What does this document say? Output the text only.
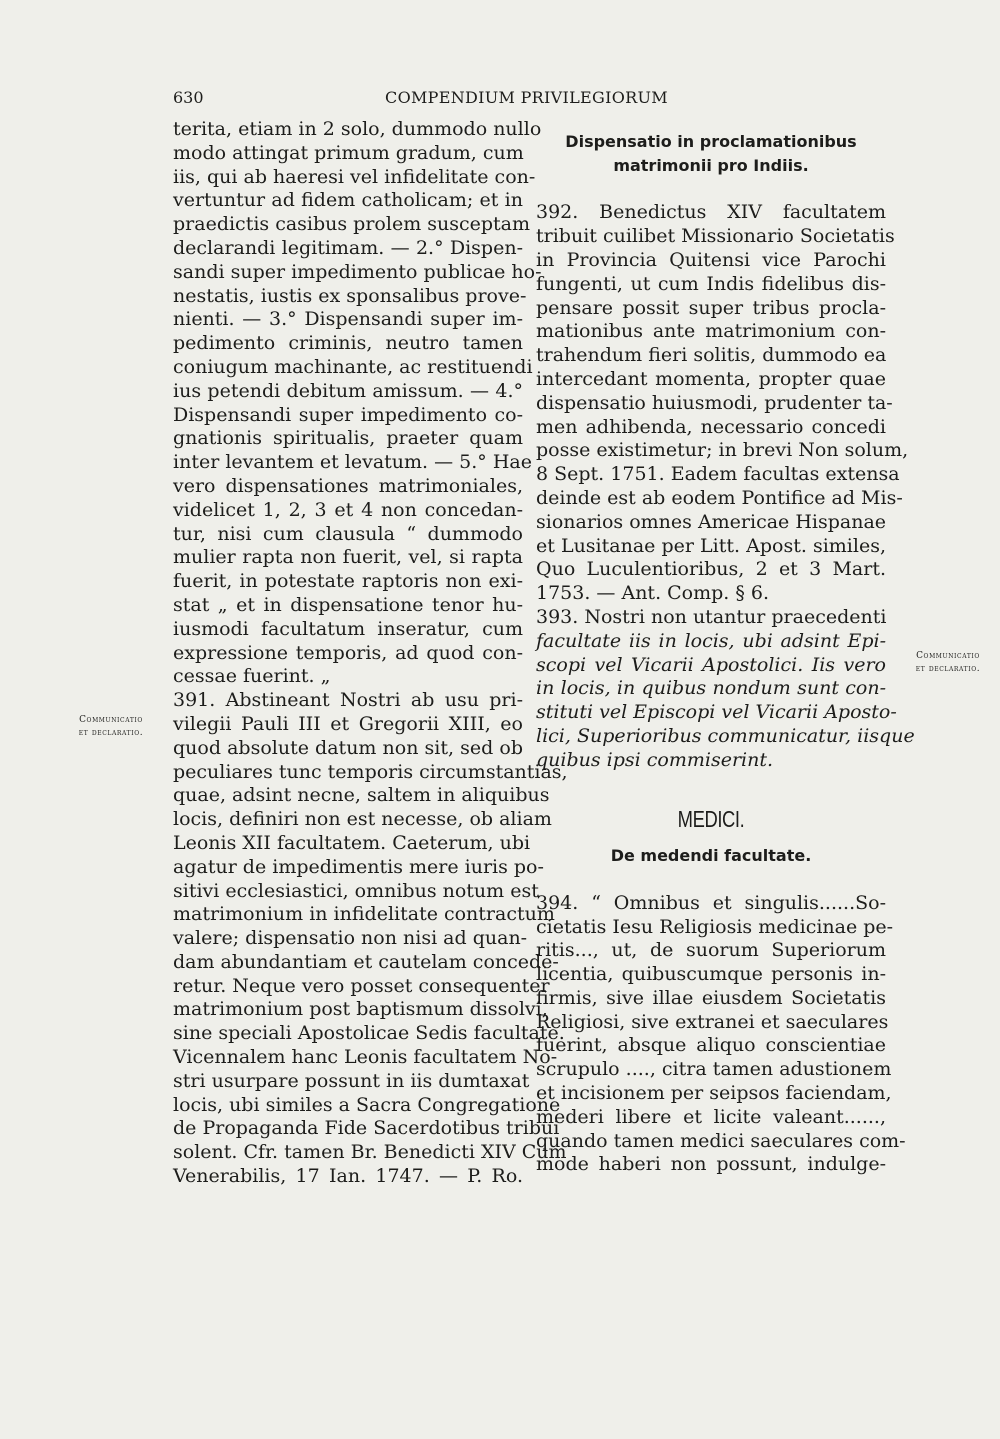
630	COMPENDIUM PRIVILEGIORUM
Communicatio
et declaratio.
Communicatio
et declaratio.
terita, etiam in 2 solo, dummodo nullo
modo attingat primum gradum, cum
iis, qui ab haeresi vel infidelitate con-
vertuntur ad fidem catholicam; et in
praedictis casibus prolem susceptam
declarandi legitimam. — 2.° Dispen-
sandi super impedimento publicae ho-
nestatis, iustis ex sponsalibus prove-
nienti. — 3.° Dispensandi super im-
pedimento criminis, neutro tamen
coniugum machinante, ac restituendi
ius petendi debitum amissum. — 4.°
Dispensandi super impedimento co-
gnationis spiritualis, praeter quam
inter levantem et levatum. — 5.° Hae
vero dispensationes matrimoniales,
videlicet 1, 2, 3 et 4 non concedan-
tur, nisi cum clausula “ dummodo
mulier rapta non fuerit, vel, si rapta
fuerit, in potestate raptoris non exi-
stat „ et in dispensatione tenor hu-
iusmodi facultatum inseratur, cum
expressione temporis, ad quod con-
cessae fuerint. „
391. Abstineant Nostri ab usu pri-
vilegii Pauli III et Gregorii XIII, eo
quod absolute datum non sit, sed ob
peculiares tunc temporis circumstantias,
quae, adsint necne, saltem in aliquibus
locis, definiri non est necesse, ob aliam
Leonis XII facultatem. Caeterum, ubi
agatur de impedimentis mere iuris po-
sitivi ecclesiastici, omnibus notum est
matrimonium in infidelitate contractum
valere; dispensatio non nisi ad quan-
dam abundantiam et cautelam concede-
retur. Neque vero posset consequenter
matrimonium post baptismum dissolvi,
sine speciali Apostolicae Sedis facultate.
Vicennalem hanc Leonis facultatem No-
stri usurpare possunt in iis dumtaxat
locis, ubi similes a Sacra Congregatione
de Propaganda Fide Sacerdotibus tribui
solent. Cfr. tamen Br. Benedicti XIV Cum
Venerabilis, 17 Ian. 1747. — P. Ro.
Dispensatio in proclamationibus
matrimonii pro Indiis.
392. Benedictus XIV facultatem
tribuit cuilibet Missionario Societatis
in Provincia Quitensi vice Parochi
fungenti, ut cum Indis fidelibus dis-
pensare possit super tribus procla-
mationibus ante matrimonium con-
trahendum fieri solitis, dummodo ea
intercedant momenta, propter quae
dispensatio huiusmodi, prudenter ta-
men adhibenda, necessario concedi
posse existimetur; in brevi Non solum,
8 Sept. 1751. Eadem facultas extensa
deinde est ab eodem Pontifice ad Mis-
sionarios omnes Americae Hispanae
et Lusitanae per Litt. Apost. similes,
Quo Luculentioribus, 2 et 3 Mart.
1753. — Ant. Comp. § 6.
393. Nostri non utantur praecedenti
facultate iis in locis, ubi adsint Epi-
scopi vel Vicarii Apostolici. Iis vero
in locis, in quibus nondum sunt con-
stituti vel Episcopi vel Vicarii Aposto-
lici, Superioribus communicatur, iisque
quibus ipsi commiserint.
MEDICI.
De medendi facultate.
394. “ Omnibus et singulis......So-
cietatis Iesu Religiosis medicinae pe-
ritis..., ut, de suorum Superiorum
licentia, quibuscumque personis in-
firmis, sive illae eiusdem Societatis
Religiosi, sive extranei et saeculares
fuerint, absque aliquo conscientiae
scrupulo ...., citra tamen adustionem
et incisionem per seipsos faciendam,
mederi libere et licite valeant......,
quando tamen medici saeculares com-
mode haberi non possunt, indulge-
